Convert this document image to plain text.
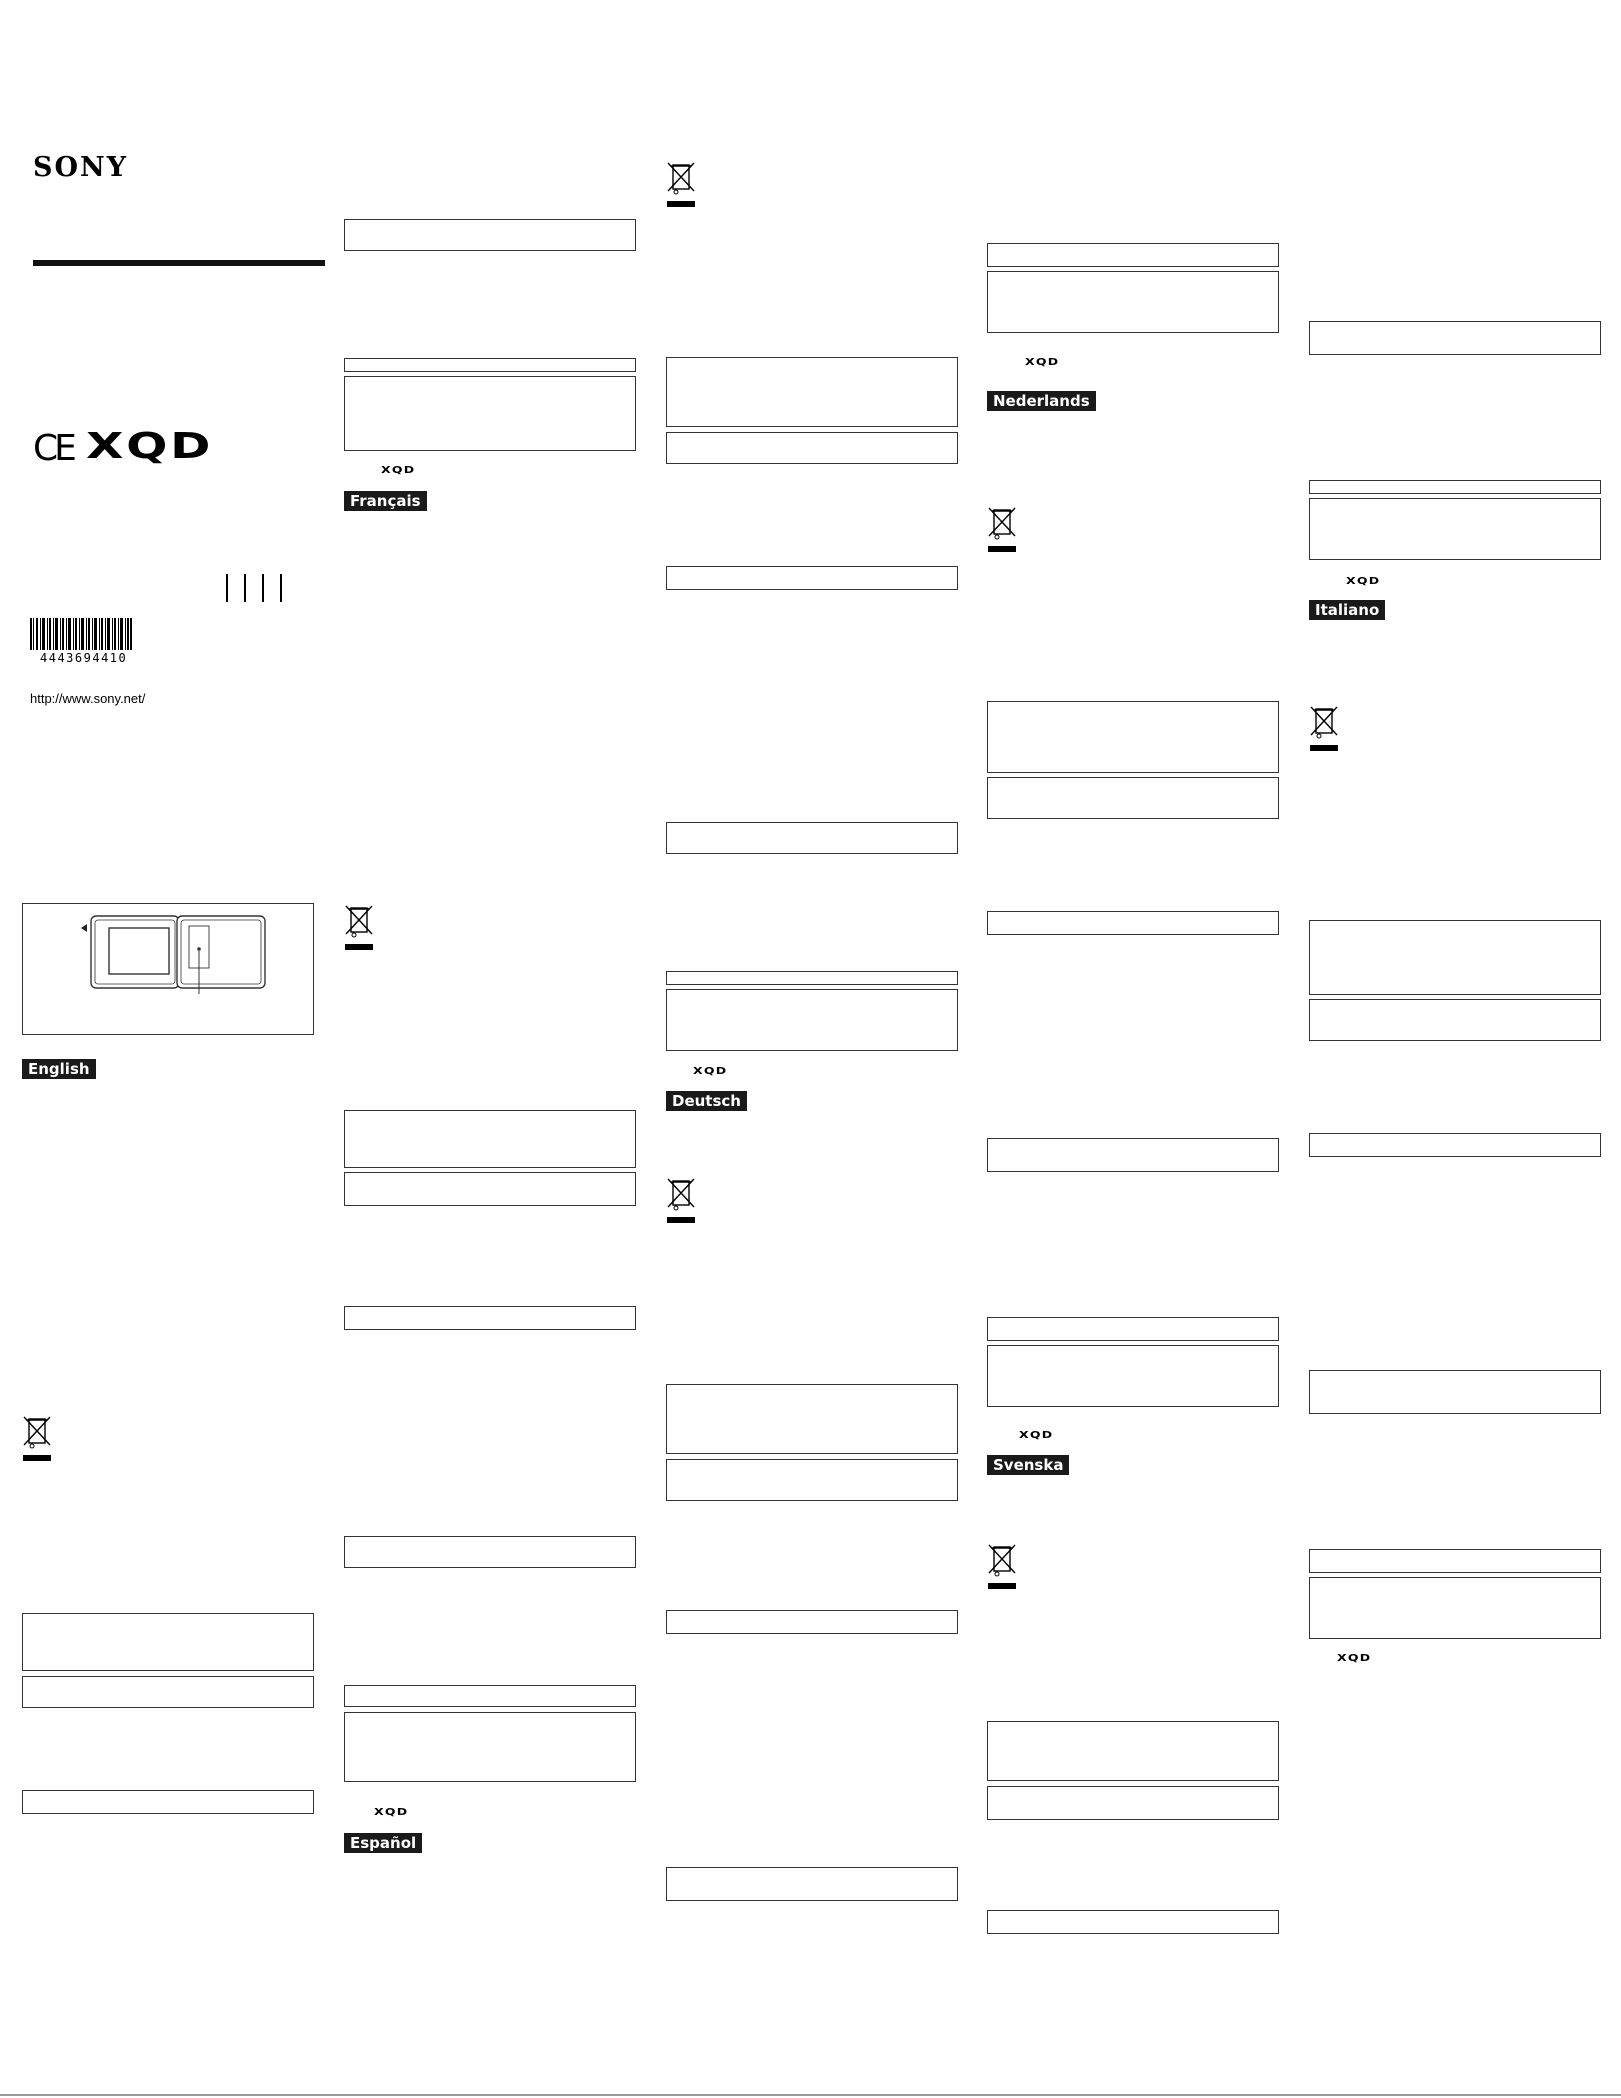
SONY
CE XQD
4443694410
http://www.sony.net/
English
XQD
Français
XQD
Español
XQD
Deutsch
XQD
Nederlands
XQD
Svenska
XQD
Italiano
XQD
